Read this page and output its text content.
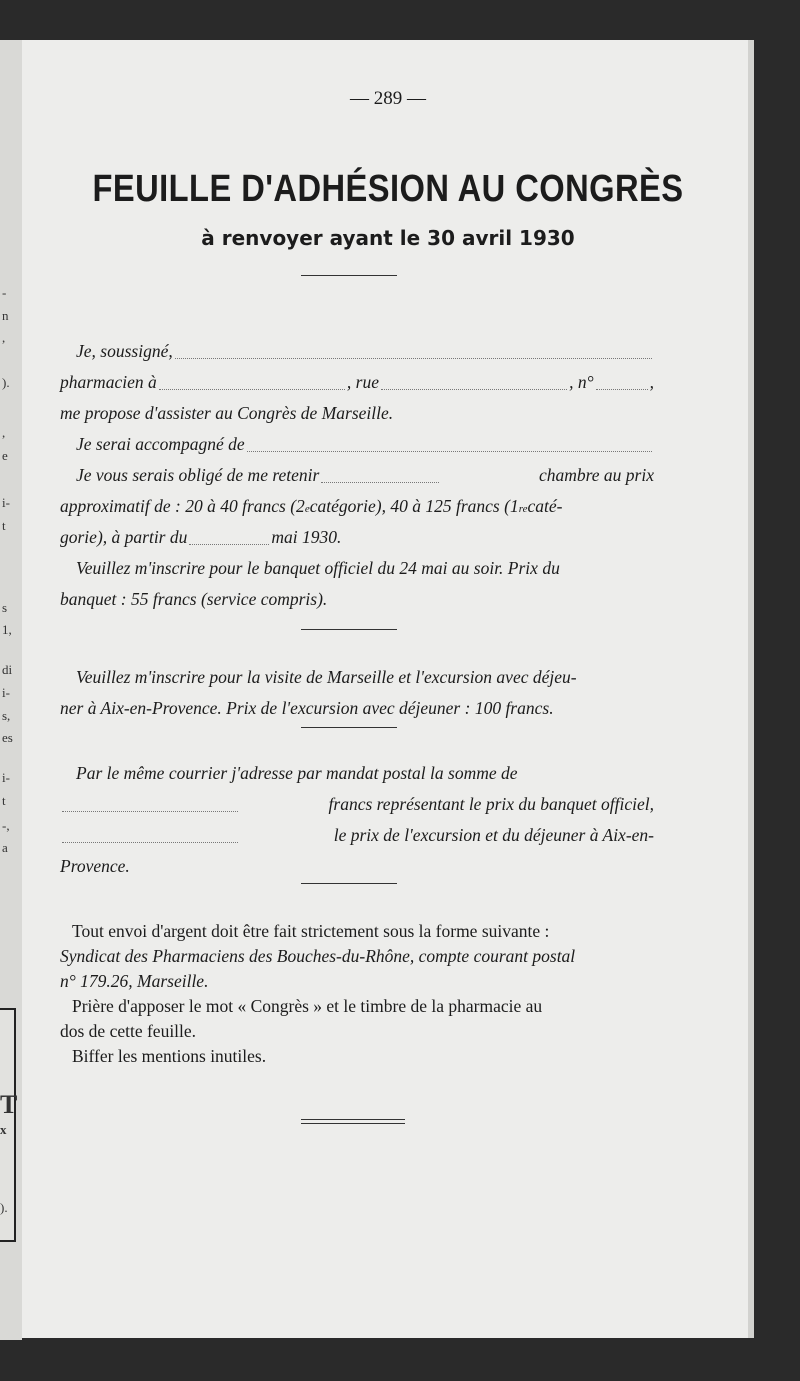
-
n
,
).
,
e
i-
t
s
1,
di
i-
s,
es
i-
t
-,
a
T
x
).
— 289 —
FEUILLE D'ADHÉSION AU CONGRÈS
à renvoyer ayant le 30 avril 1930
Je, soussigné,
pharmacien à	, rue	, n°	,
me propose d'assister au Congrès de Marseille.
Je serai accompagné de
Je vous serais obligé de me retenir	chambre au prix
approximatif de : 20 à 40 francs (2 e catégorie), 40 à 125 francs (1 re caté-
gorie), à partir du	mai 1930.
Veuillez m'inscrire pour le banquet officiel du 24 mai au soir. Prix du
banquet : 55 francs (service compris).
Veuillez m'inscrire pour la visite de Marseille et l'excursion avec déjeu-
ner à Aix-en-Provence. Prix de l'excursion avec déjeuner : 100 francs.
Par le même courrier j'adresse par mandat postal la somme de
francs représentant le prix du banquet officiel,
le prix de l'excursion et du déjeuner à Aix-en-
Provence.
Tout envoi d'argent doit être fait strictement sous la forme suivante :
Syndicat des Pharmaciens des Bouches-du-Rhône, compte courant postal
n° 179.26, Marseille.
Prière d'apposer le mot « Congrès » et le timbre de la pharmacie au
dos de cette feuille.
Biffer les mentions inutiles.
